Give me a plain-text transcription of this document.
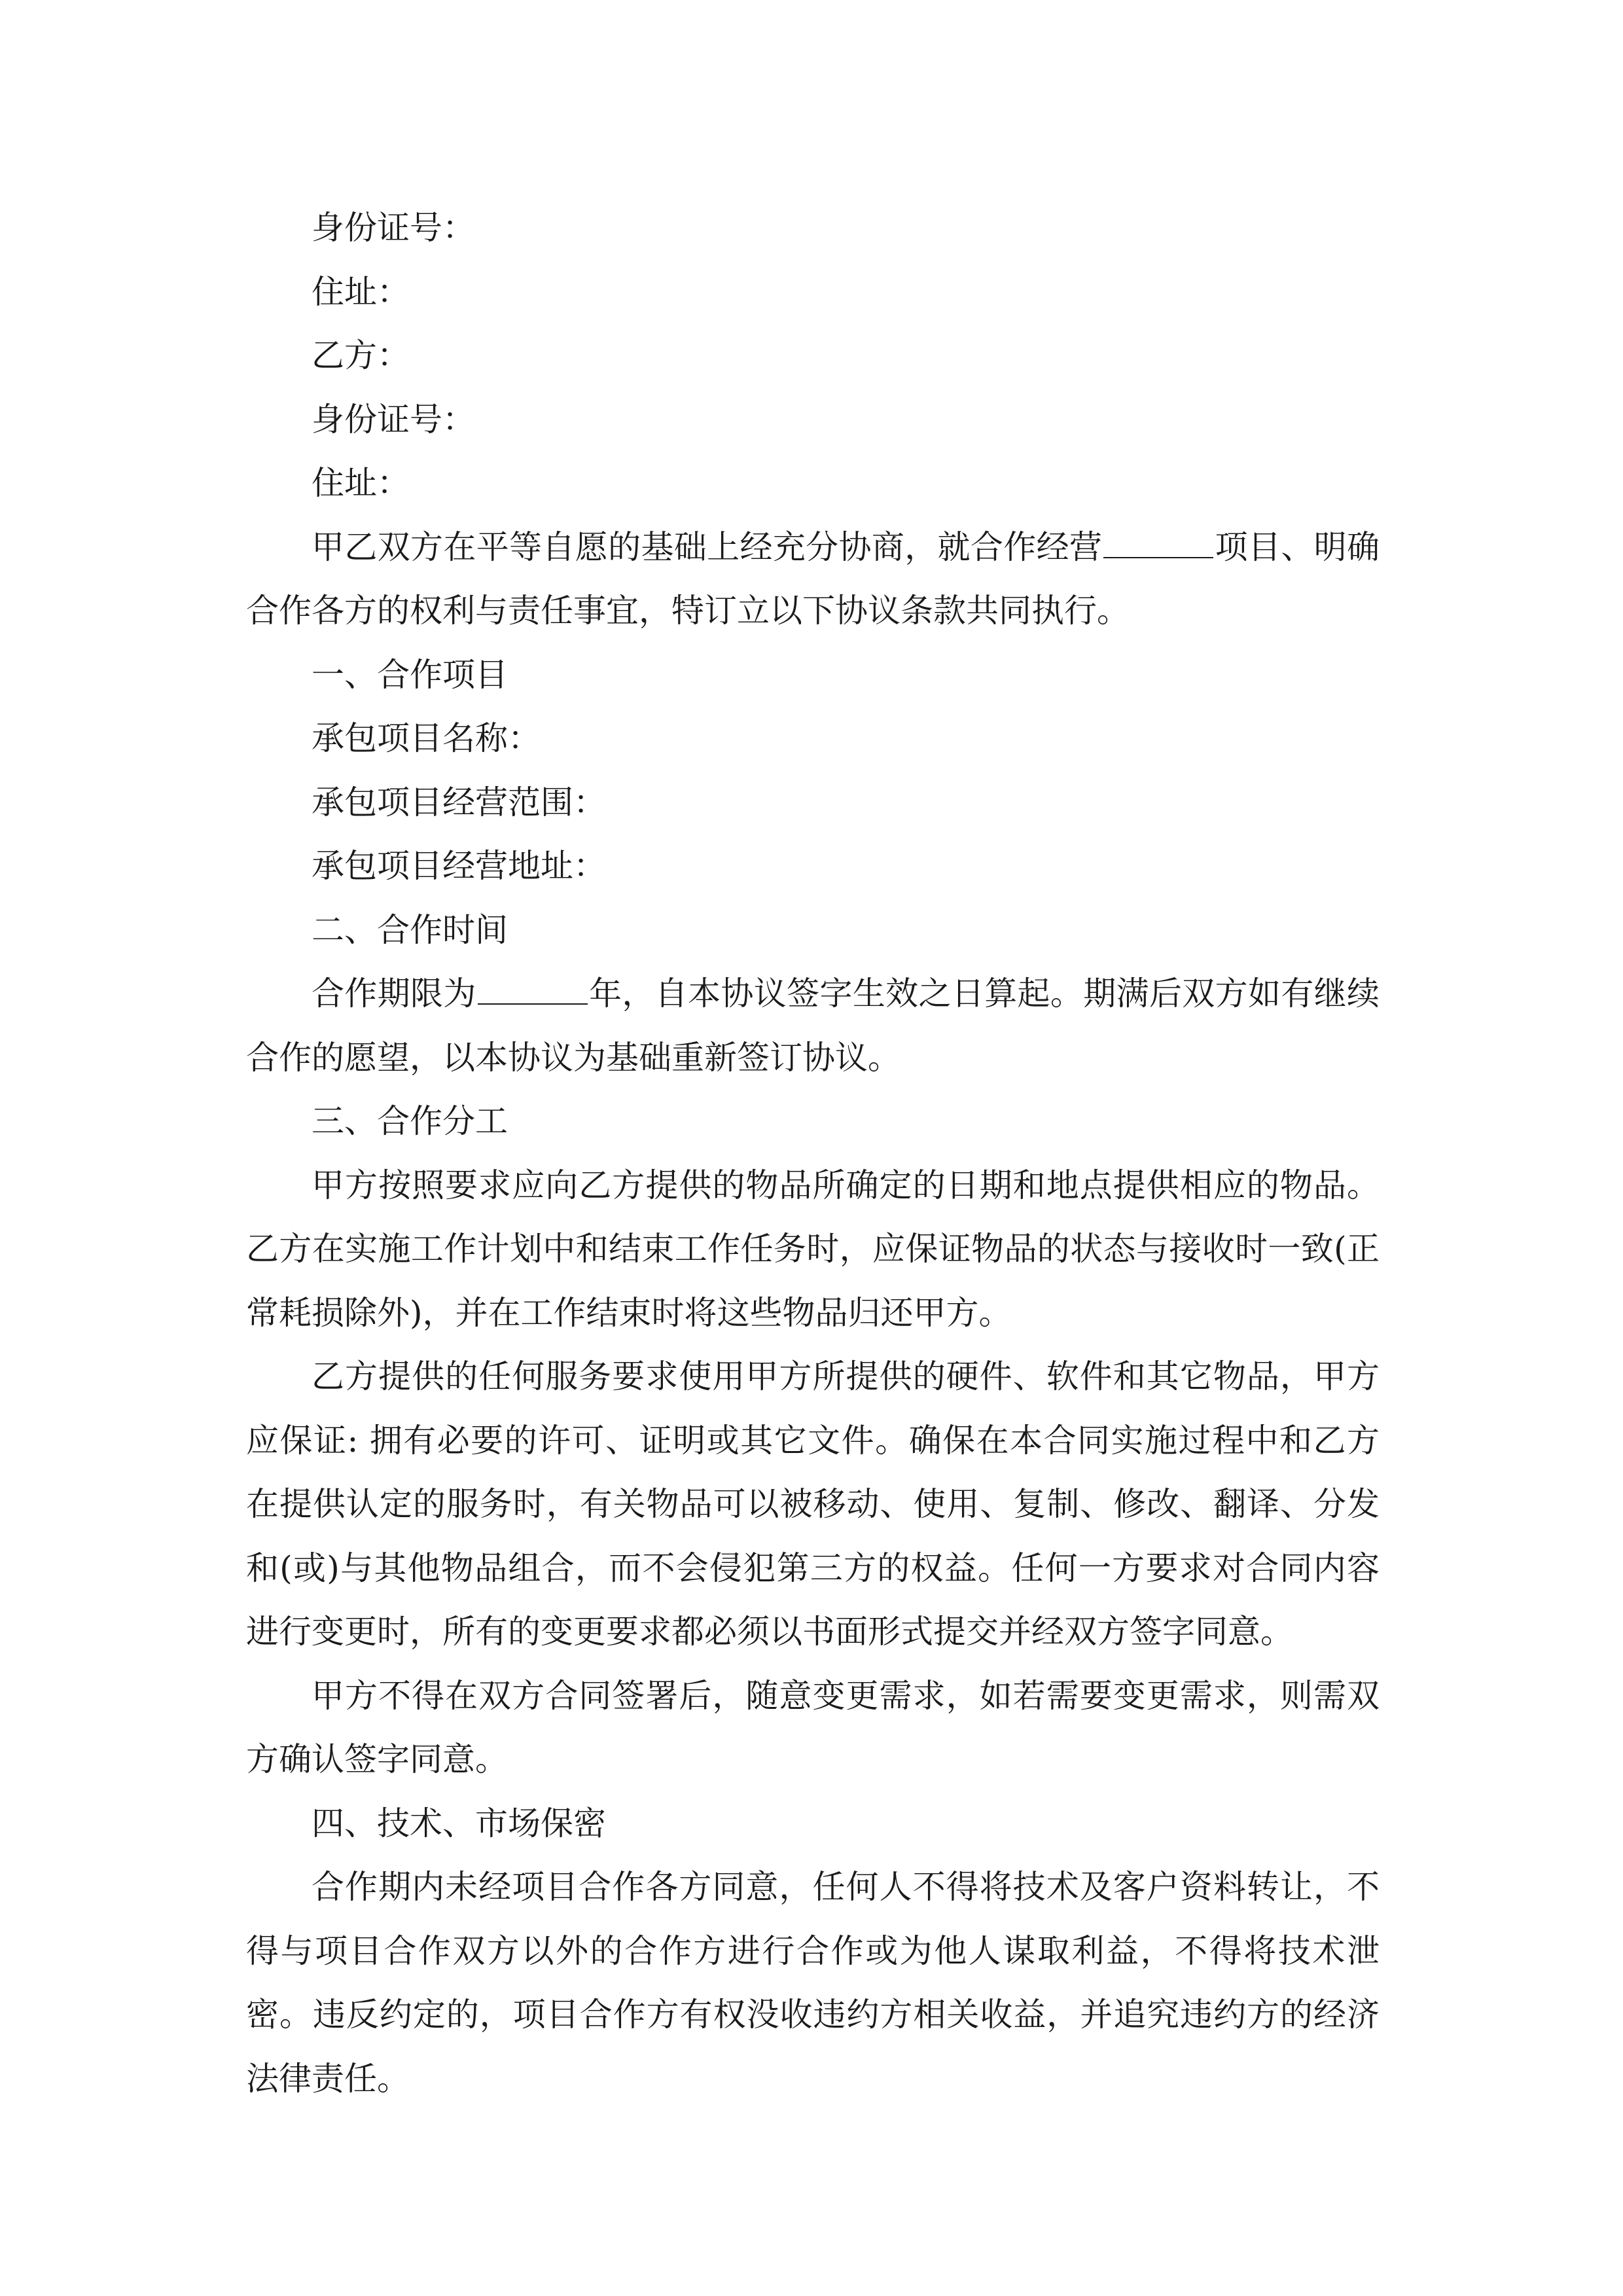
身份证号：

住址：

乙方：

身份证号：

住址：

甲乙双方在平等自愿的基础上经充分协商，就合作经营	项目、明确合作各方的权利与责任事宜，特订立以下协议条款共同执行。

一、合作项目

承包项目名称：

承包项目经营范围：

承包项目经营地址：

二、合作时间

合作期限为	年，自本协议签字生效之日算起。期满后双方如有继续合作的愿望，以本协议为基础重新签订协议。

三、合作分工

甲方按照要求应向乙方提供的物品所确定的日期和地点提供相应的物品。乙方在实施工作计划中和结束工作任务时，应保证物品的状态与接收时一致(正常耗损除外)，并在工作结束时将这些物品归还甲方。

乙方提供的任何服务要求使用甲方所提供的硬件、软件和其它物品，甲方应保证: 拥有必要的许可、证明或其它文件。确保在本合同实施过程中和乙方在提供认定的服务时，有关物品可以被移动、使用、复制、修改、翻译、分发和(或)与其他物品组合，而不会侵犯第三方的权益。任何一方要求对合同内容进行变更时，所有的变更要求都必须以书面形式提交并经双方签字同意。

甲方不得在双方合同签署后，随意变更需求，如若需要变更需求，则需双方确认签字同意。

四、技术、市场保密

合作期内未经项目合作各方同意，任何人不得将技术及客户资料转让，不得与项目合作双方以外的合作方进行合作或为他人谋取利益，不得将技术泄密。违反约定的，项目合作方有权没收违约方相关收益，并追究违约方的经济法律责任。
